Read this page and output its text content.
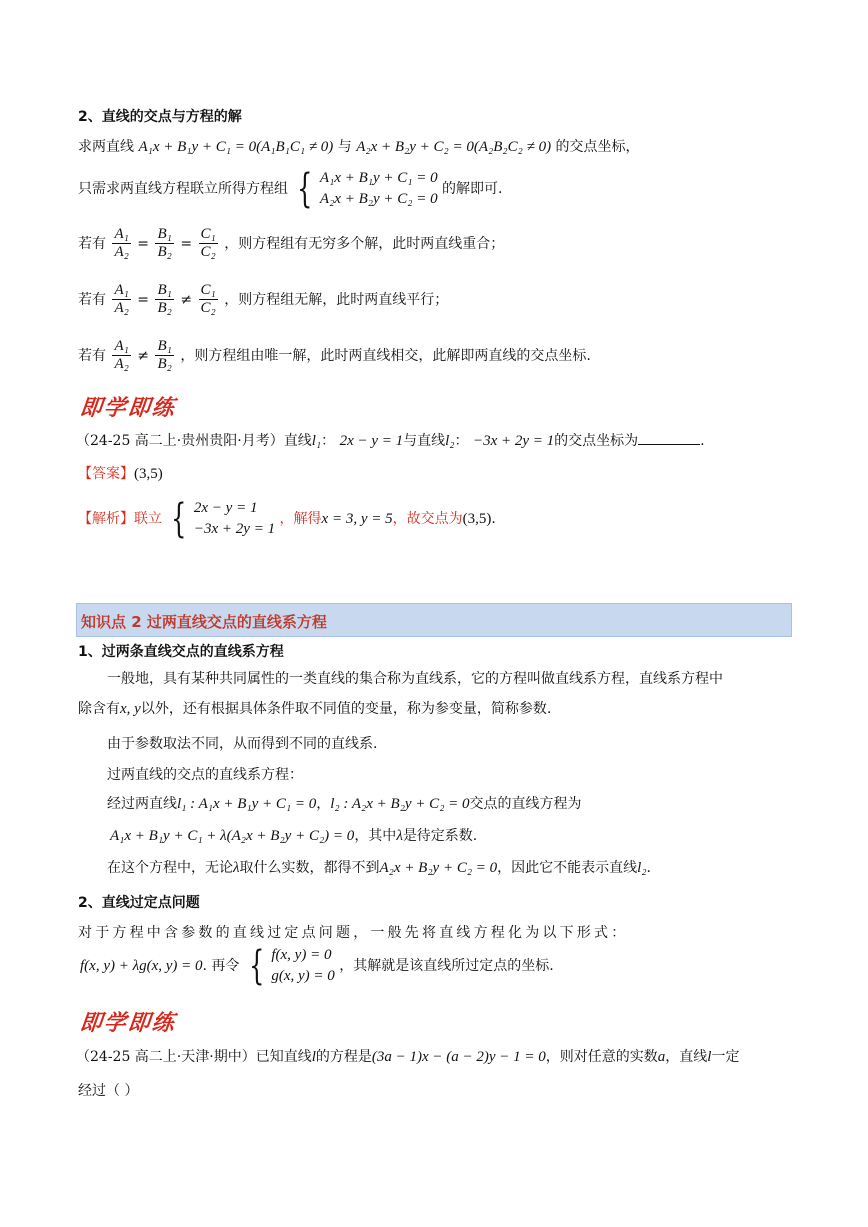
2、直线的交点与方程的解
求两直线 A₁x + B₁y + C₁ = 0(A₁B₁C₁ ≠ 0) 与 A₂x + B₂y + C₂ = 0(A₂B₂C₂ ≠ 0) 的交点坐标，
只需求两直线方程联立所得方程组 { A₁x + B₁y + C₁ = 0
A₂x + B₂y + C₂ = 0
的解即可.
若有 $\frac{\text{A₁}}{\text{A₂}} = \frac{\text{B₁}}{\text{B₂}} = \frac{\text{C₁}}{\text{C₂}}$ ，则方程组有无穷多个解，此时两直线重合；
若有 $\frac{\text{A₁}}{\text{A₂}} = \frac{\text{B₁}}{\text{B₂}} \ne \frac{\text{C₁}}{\text{C₂}}$ ，则方程组无解，此时两直线平行；
若有 $\frac{\text{A₁}}{\text{A₂}} \ne \frac{\text{B₁}}{\text{B₂}}$ ，则方程组由唯一解，此时两直线相交，此解即两直线的交点坐标.
即学即练
（24-25 高二上·贵州贵阳·月考）直线l₁： 2x − y = 1与直线l₂： −3x + 2y = 1的交点坐标为	.
【答案】(3,5)
【解析】联立 { 2x − y = 1
−3x + 2y = 1
，解得x = 3, y = 5，故交点为(3,5).
知识点 2 过两直线交点的直线系方程
1、过两条直线交点的直线系方程
一般地，具有某种共同属性的一类直线的集合称为直线系，它的方程叫做直线系方程，直线系方程中
除含有x, y以外，还有根据具体条件取不同值的变量，称为参变量，简称参数.
由于参数取法不同，从而得到不同的直线系.
过两直线的交点的直线系方程：
经过两直线l₁ : A₁x + B₁y + C₁ = 0，l₂ : A₂x + B₂y + C₂ = 0交点的直线方程为
A₁x + B₁y + C₁ + λ(A₂x + B₂y + C₂) = 0，其中λ是待定系数.
在这个方程中，无论λ取什么实数，都得不到A₂x + B₂y + C₂ = 0，因此它不能表示直线l₂.
2、直线过定点问题
对于方程中含参数的直线过定点问题，一般先将直线方程化为以下形式：
f(x, y) + λg(x, y) = 0. 再令 { f(x, y) = 0
g(x, y) = 0
，其解就是该直线所过定点的坐标.
即学即练
（24-25 高二上·天津·期中）已知直线l的方程是(3a − 1)x − (a − 2)y − 1 = 0，则对任意的实数a，直线l一定
经过（ ）
